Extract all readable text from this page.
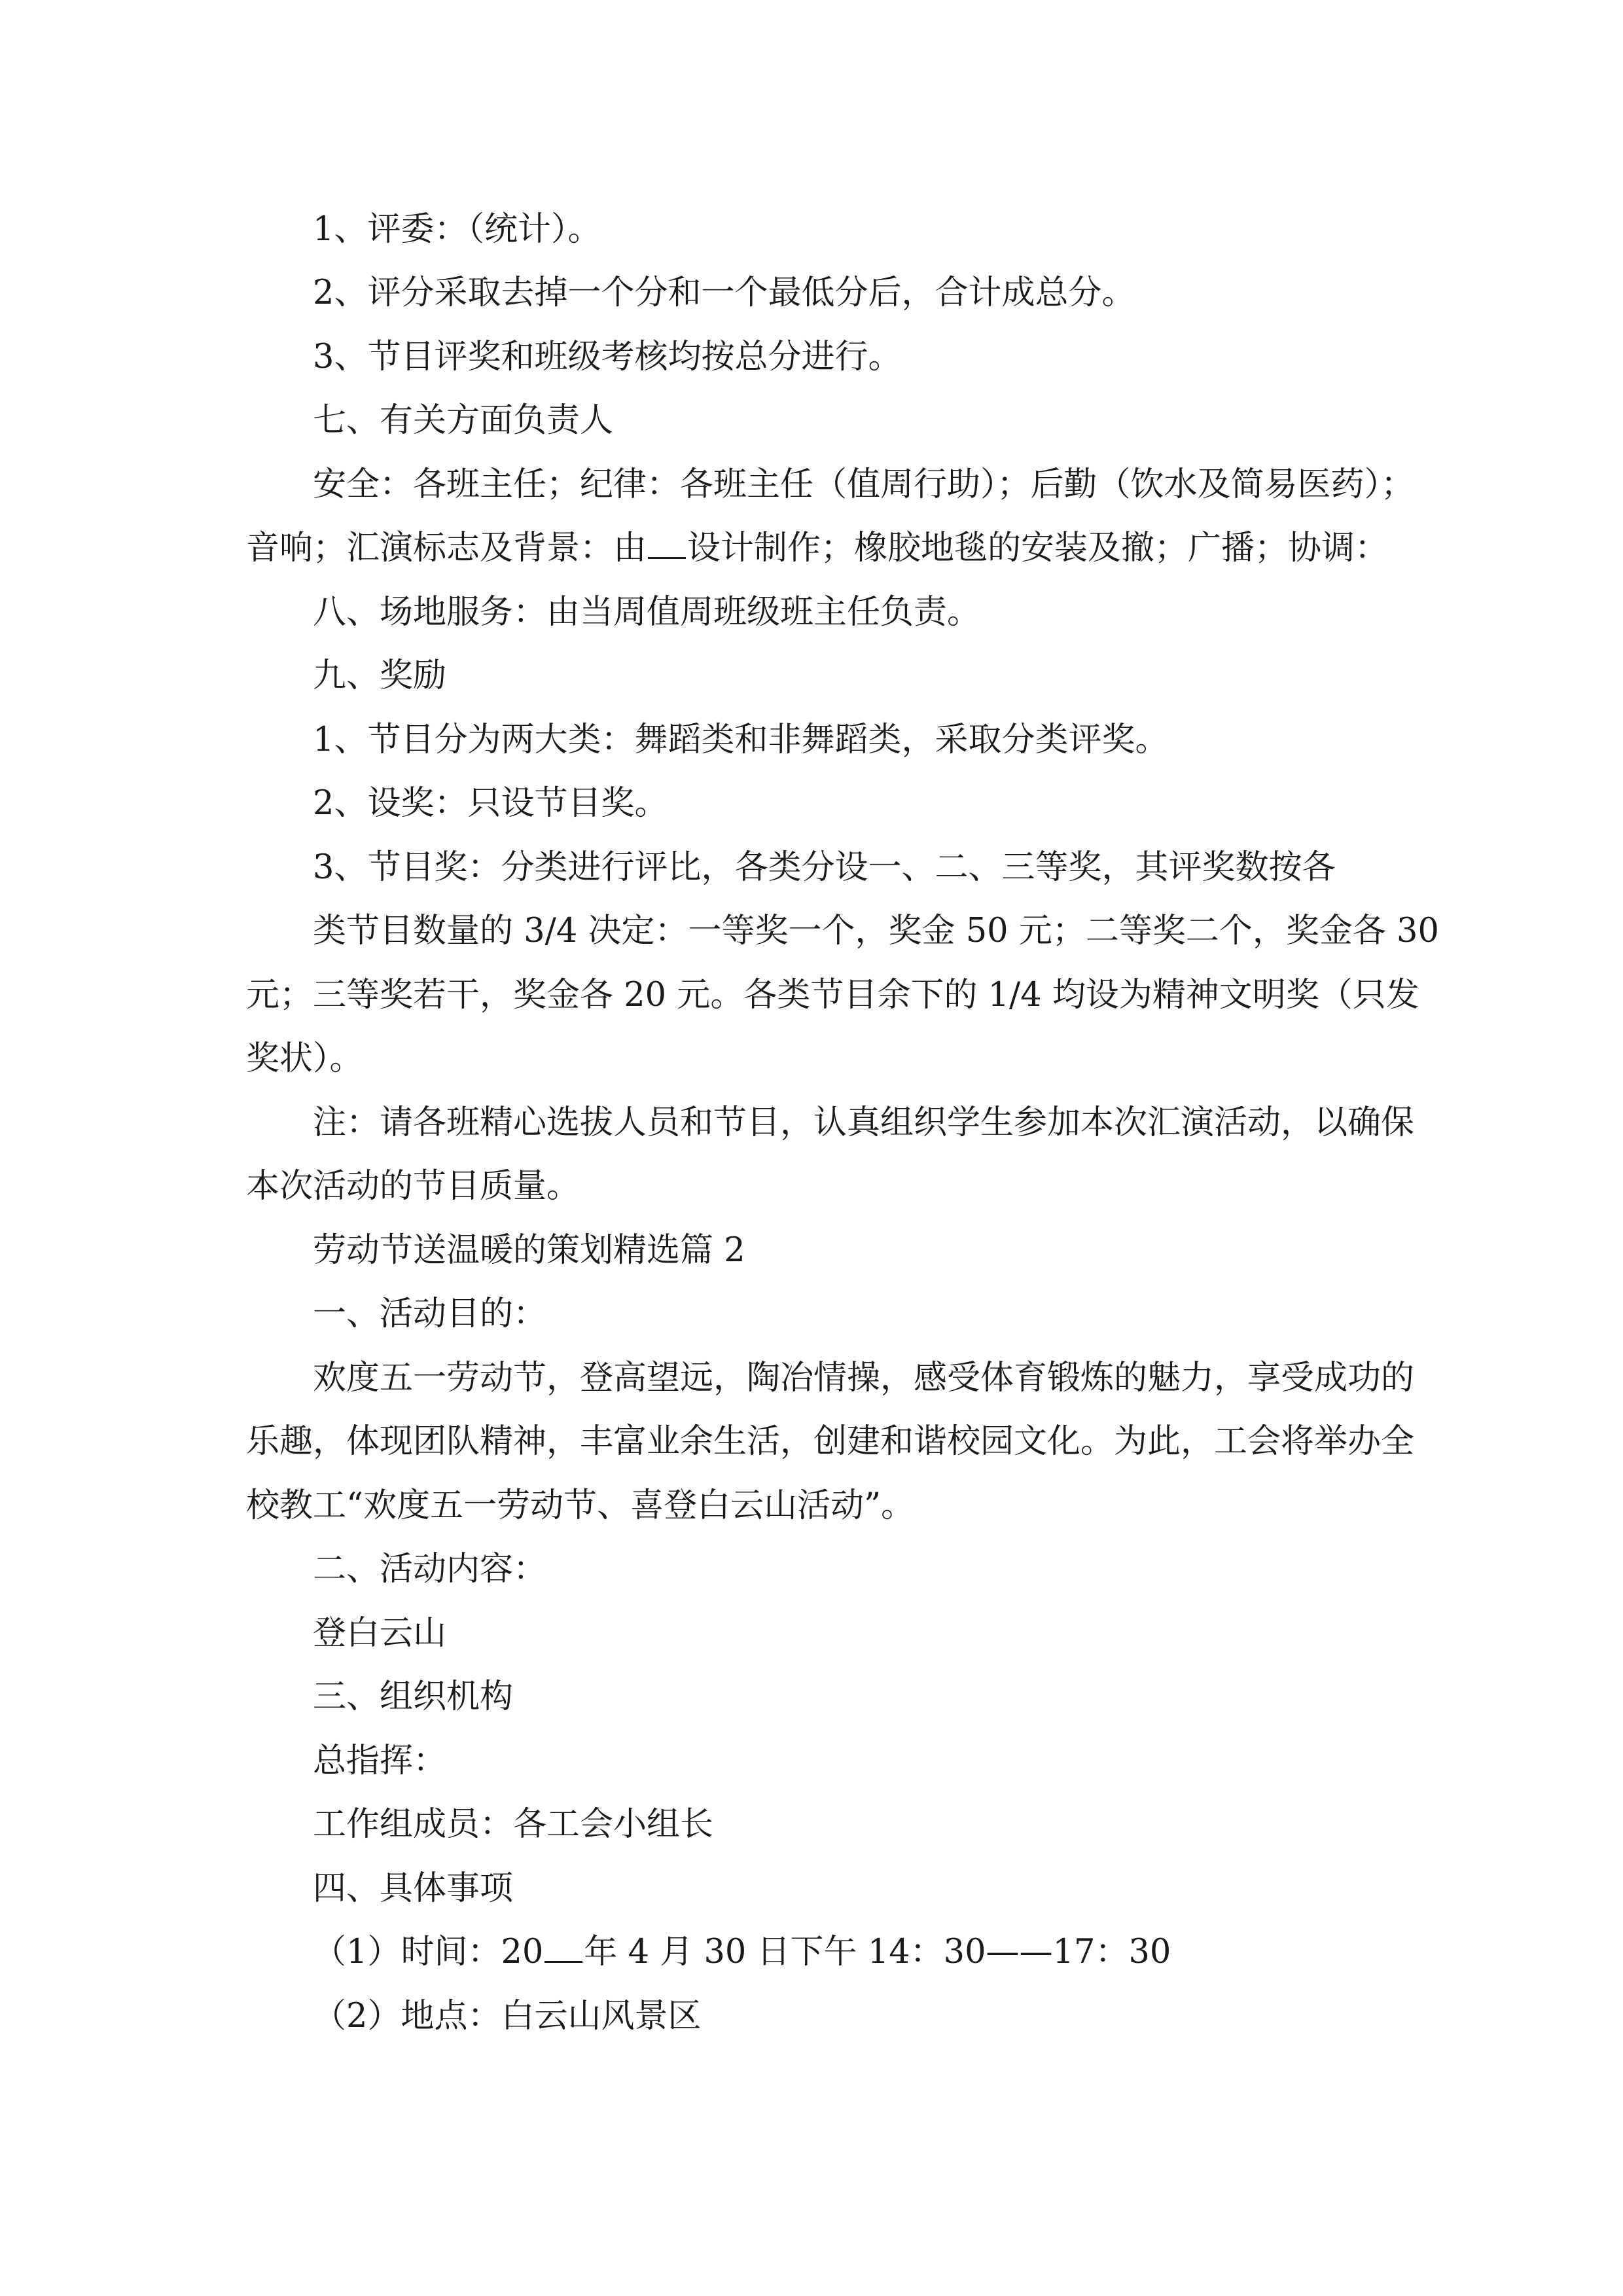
1、评委：（统计）。

2、评分采取去掉一个分和一个最低分后，合计成总分。

3、节目评奖和班级考核均按总分进行。

七、有关方面负责人

安全：各班主任；纪律：各班主任（值周行助）；后勤（饮水及简易医药）；

音响；汇演标志及背景：由 设计制作；橡胶地毯的安装及撤；广播；协调：

八、场地服务：由当周值周班级班主任负责。

九、奖励

1、节目分为两大类：舞蹈类和非舞蹈类，采取分类评奖。

2、设奖：只设节目奖。

3、节目奖：分类进行评比，各类分设一、二、三等奖，其评奖数按各

类节目数量的 3/4 决定：一等奖一个，奖金 50 元；二等奖二个，奖金各 30

元；三等奖若干，奖金各 20 元。各类节目余下的 1/4 均设为精神文明奖（只发

奖状）。

注：请各班精心选拔人员和节目，认真组织学生参加本次汇演活动，以确保

本次活动的节目质量。

劳动节送温暖的策划精选篇 2

一、活动目的：

欢度五一劳动节，登高望远，陶冶情操，感受体育锻炼的魅力，享受成功的

乐趣，体现团队精神，丰富业余生活，创建和谐校园文化。为此，工会将举办全

校教工“欢度五一劳动节、喜登白云山活动”。

二、活动内容：

登白云山

三、组织机构

总指挥：

工作组成员：各工会小组长

四、具体事项

（1）时间：20 年 4 月 30 日下午 14：30——17：30

（2）地点：白云山风景区
